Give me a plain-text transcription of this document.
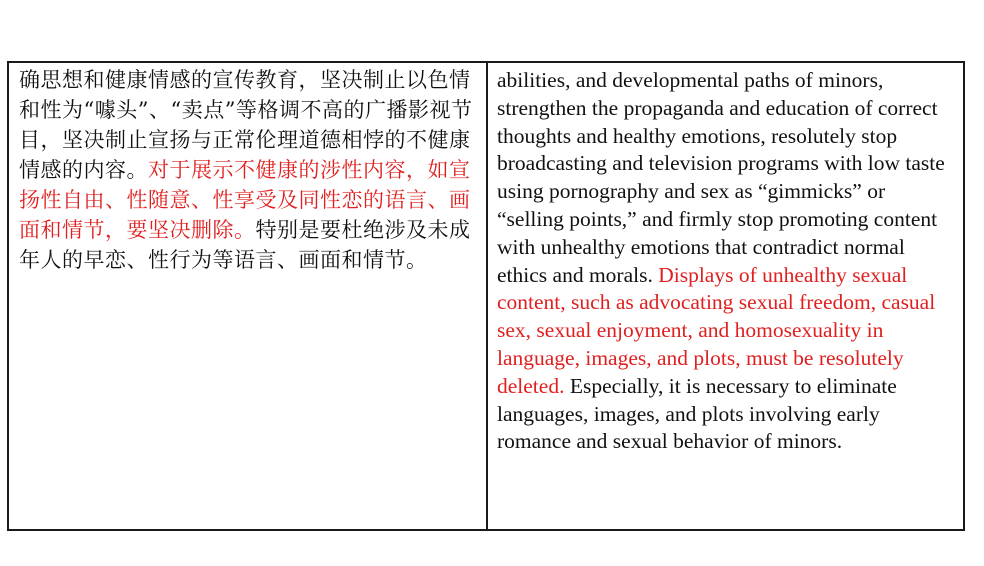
确思想和健康情感的宣传教育，坚决制止以色情和性为“噱头”、“卖点”等格调不高的广播影视节目，坚决制止宣扬与正常伦理道德相悖的不健康情感的内容。对于展示不健康的涉性内容，如宣扬性自由、性随意、性享受及同性恋的语言、画面和情节，要坚决删除。特别是要杜绝涉及未成年人的早恋、性行为等语言、画面和情节。

abilities, and developmental paths of minors, strengthen the propaganda and education of correct thoughts and healthy emotions, resolutely stop broadcasting and television programs with low taste using pornography and sex as “gimmicks” or “selling points,” and firmly stop promoting content with unhealthy emotions that contradict normal ethics and morals. Displays of unhealthy sexual content, such as advocating sexual freedom, casual sex, sexual enjoyment, and homosexuality in language, images, and plots, must be resolutely deleted. Especially, it is necessary to eliminate languages, images, and plots involving early romance and sexual behavior of minors.
